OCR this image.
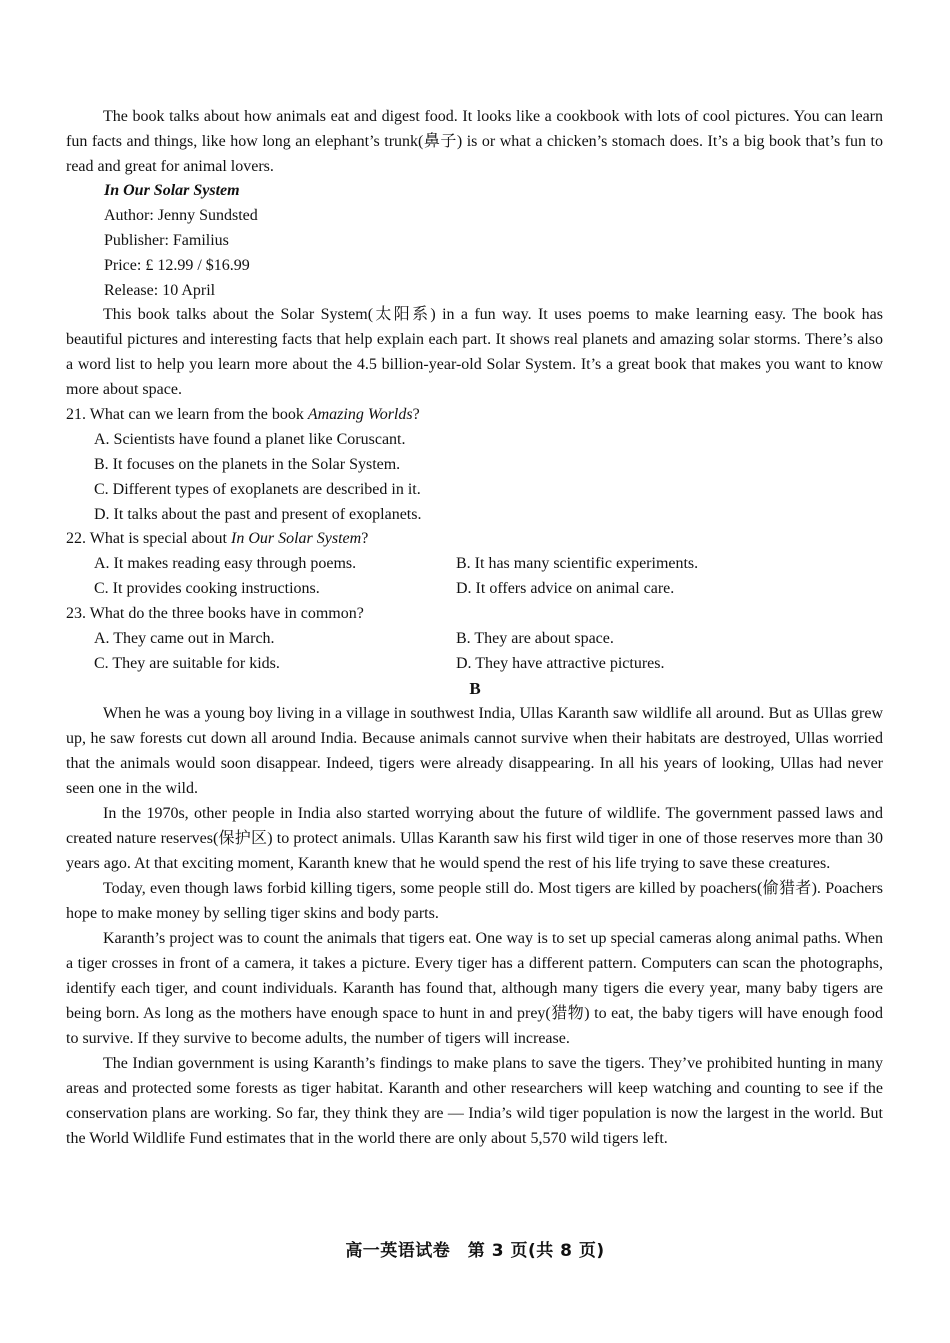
The book talks about how animals eat and digest food. It looks like a cookbook with lots of cool pictures. You can learn fun facts and things, like how long an elephant’s trunk(鼻子) is or what a chicken’s stomach does. It’s a big book that’s fun to read and great for animal lovers.

In Our Solar System
Author: Jenny Sundsted
Publisher: Familius
Price: £ 12.99 / $16.99
Release: 10 April

This book talks about the Solar System(太阳系) in a fun way. It uses poems to make learning easy. The book has beautiful pictures and interesting facts that help explain each part. It shows real planets and amazing solar storms. There’s also a word list to help you learn more about the 4.5 billion-year-old Solar System. It’s a great book that makes you want to know more about space.

21. What can we learn from the book Amazing Worlds?
A. Scientists have found a planet like Coruscant.
B. It focuses on the planets in the Solar System.
C. Different types of exoplanets are described in it.
D. It talks about the past and present of exoplanets.
22. What is special about In Our Solar System?
A. It makes reading easy through poems.	B. It has many scientific experiments.
C. It provides cooking instructions.	D. It offers advice on animal care.
23. What do the three books have in common?
A. They came out in March.	B. They are about space.
C. They are suitable for kids.	D. They have attractive pictures.
B

When he was a young boy living in a village in southwest India, Ullas Karanth saw wildlife all around. But as Ullas grew up, he saw forests cut down all around India. Because animals cannot survive when their habitats are destroyed, Ullas worried that the animals would soon disappear. Indeed, tigers were already disappearing. In all his years of looking, Ullas had never seen one in the wild.

In the 1970s, other people in India also started worrying about the future of wildlife. The government passed laws and created nature reserves(保护区) to protect animals. Ullas Karanth saw his first wild tiger in one of those reserves more than 30 years ago. At that exciting moment, Karanth knew that he would spend the rest of his life trying to save these creatures.

Today, even though laws forbid killing tigers, some people still do. Most tigers are killed by poachers(偷猎者). Poachers hope to make money by selling tiger skins and body parts.

Karanth’s project was to count the animals that tigers eat. One way is to set up special cameras along animal paths. When a tiger crosses in front of a camera, it takes a picture. Every tiger has a different pattern. Computers can scan the photographs, identify each tiger, and count individuals. Karanth has found that, although many tigers die every year, many baby tigers are being born. As long as the mothers have enough space to hunt in and prey(猎物) to eat, the baby tigers will have enough food to survive. If they survive to become adults, the number of tigers will increase.

The Indian government is using Karanth’s findings to make plans to save the tigers. They’ve prohibited hunting in many areas and protected some forests as tiger habitat. Karanth and other researchers will keep watching and counting to see if the conservation plans are working. So far, they think they are — India’s wild tiger population is now the largest in the world. But the World Wildlife Fund estimates that in the world there are only about 5,570 wild tigers left.

高一英语试卷　第 3 页(共 8 页)
